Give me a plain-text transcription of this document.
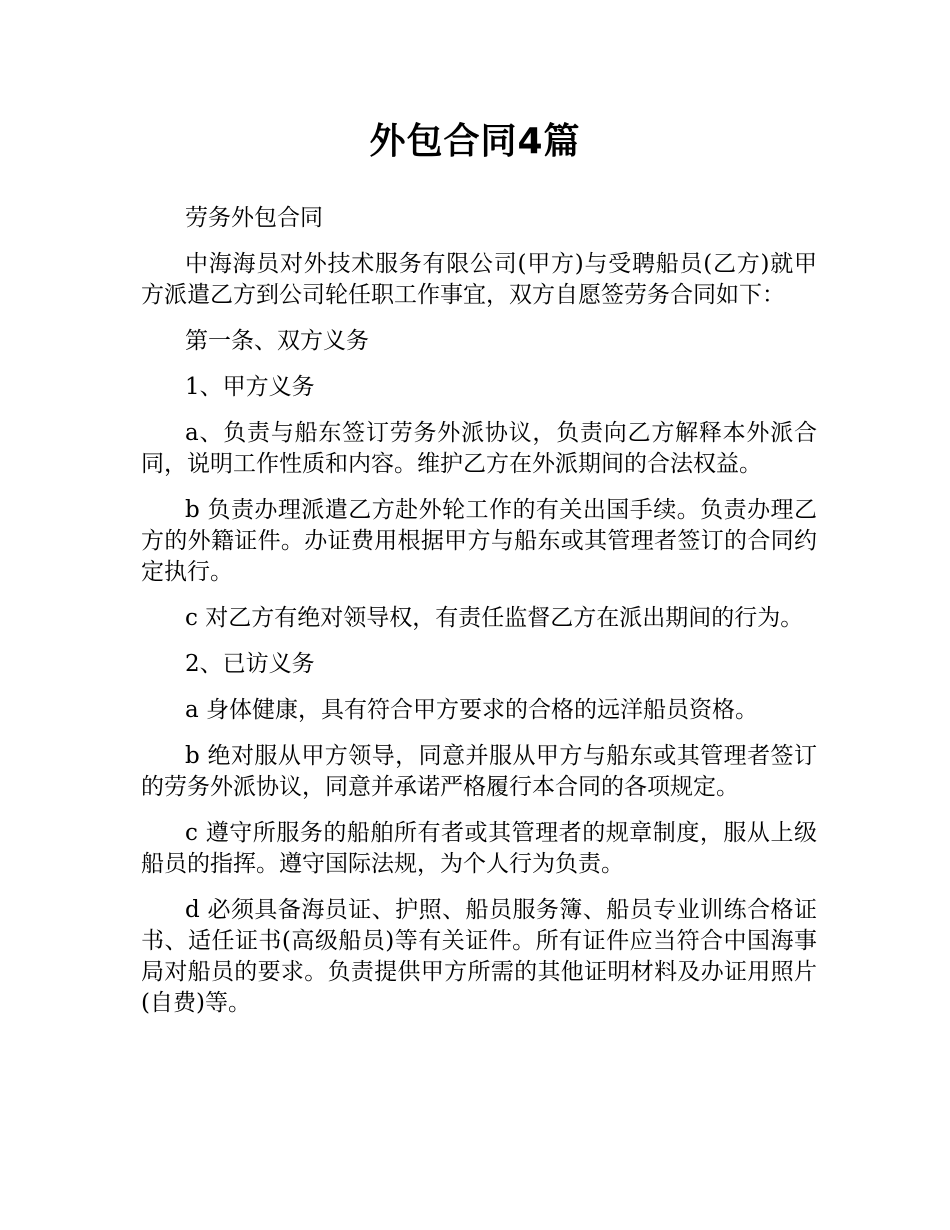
外包合同4篇

劳务外包合同

中海海员对外技术服务有限公司(甲方)与受聘船员(乙方)就甲方派遣乙方到公司轮任职工作事宜，双方自愿签劳务合同如下：

第一条、双方义务

1、甲方义务

a、负责与船东签订劳务外派协议，负责向乙方解释本外派合同，说明工作性质和内容。维护乙方在外派期间的合法权益。

b 负责办理派遣乙方赴外轮工作的有关出国手续。负责办理乙方的外籍证件。办证费用根据甲方与船东或其管理者签订的合同约定执行。

c 对乙方有绝对领导权，有责任监督乙方在派出期间的行为。

2、已访义务

a 身体健康，具有符合甲方要求的合格的远洋船员资格。

b 绝对服从甲方领导，同意并服从甲方与船东或其管理者签订的劳务外派协议，同意并承诺严格履行本合同的各项规定。

c 遵守所服务的船舶所有者或其管理者的规章制度，服从上级船员的指挥。遵守国际法规，为个人行为负责。

d 必须具备海员证、护照、船员服务簿、船员专业训练合格证书、适任证书(高级船员)等有关证件。所有证件应当符合中国海事局对船员的要求。负责提供甲方所需的其他证明材料及办证用照片(自费)等。
